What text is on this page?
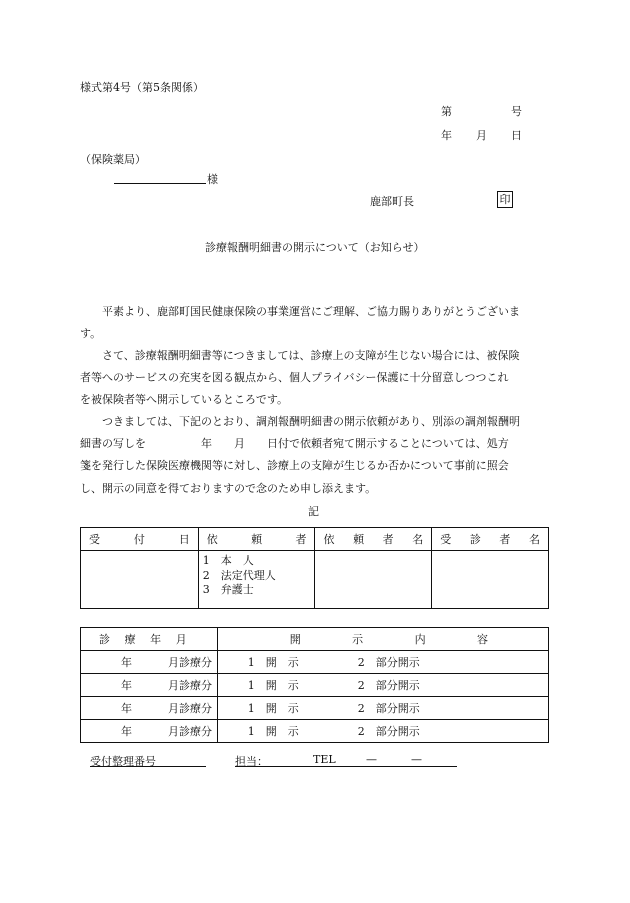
様式第4号（第5条関係）
第	号
年 月 日
（保険薬局）
様
鹿部町長	印
診療報酬明細書の開示について（お知らせ）
平素より、鹿部町国民健康保険の事業運営にご理解、ご協力賜りありがとうございま
す。
さて、診療報酬明細書等につきましては、診療上の支障が生じない場合には、被保険
者等へのサービスの充実を図る観点から、個人プライバシー保護に十分留意しつつこれ
を被保険者等へ開示しているところです。
つきましては、下記のとおり、調剤報酬明細書の開示依頼があり、別添の調剤報酬明
細書の写しを　　　　　年　　月　　日付で依頼者宛て開示することについては、処方
箋を発行した保険医療機関等に対し、診療上の支障が生じるか否かについて事前に照会
し、開示の同意を得ておりますので念のため申し添えます。
記
受付日	依頼者	依頼者名	受診者名

	1　本　人
2　法定代理人
3　弁護士		

診療年月	開示内容

年 月診療分	1　開　示 2　部分開示

年 月診療分	1　開　示 2　部分開示

年 月診療分	1　開　示 2　部分開示

年 月診療分	1　開　示 2　部分開示
受付整理番号	担当：	TEL	—	—
